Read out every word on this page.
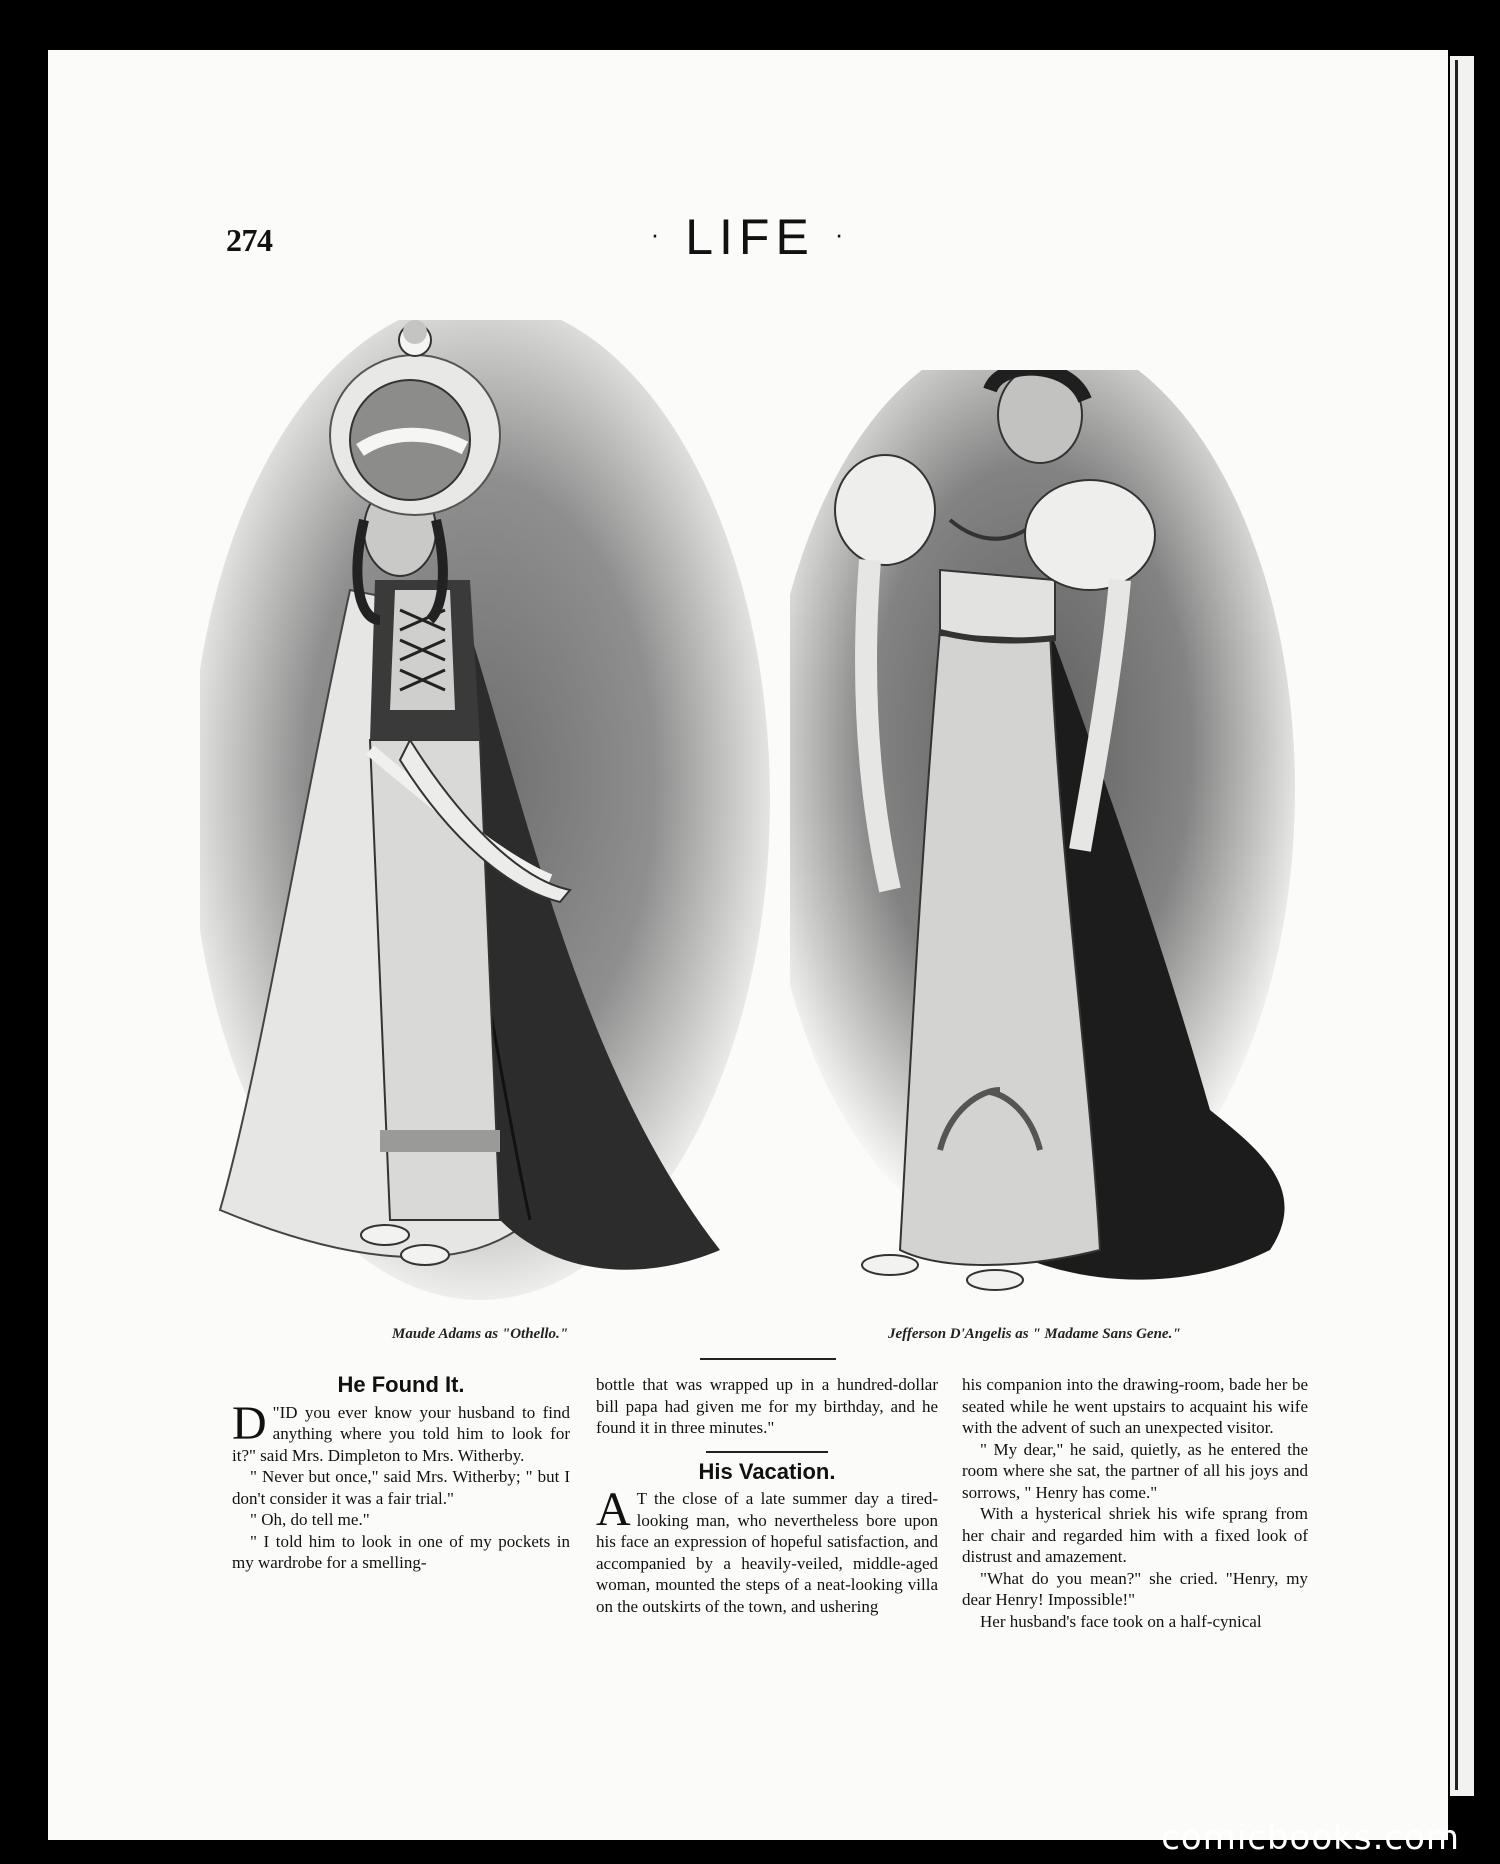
274	· LIFE ·
Maude Adams as "Othello."	Jefferson D'Angelis as " Madame Sans Gene."
He Found It.

D "ID you ever know your husband to find anything where you told him to look for it?" said Mrs. Dimpleton to Mrs. Witherby.

" Never but once," said Mrs. Witherby; " but I don't consider it was a fair trial."

" Oh, do tell me."

" I told him to look in one of my pockets in my wardrobe for a smelling-

bottle that was wrapped up in a hundred-dollar bill papa had given me for my birthday, and he found it in three minutes."

His Vacation.

A T the close of a late summer day a tired-looking man, who nevertheless bore upon his face an expression of hopeful satisfaction, and accompanied by a heavily-veiled, middle-aged woman, mounted the steps of a neat-looking villa on the outskirts of the town, and ushering

his companion into the drawing-room, bade her be seated while he went upstairs to acquaint his wife with the advent of such an unexpected visitor.

" My dear," he said, quietly, as he entered the room where she sat, the partner of all his joys and sorrows, " Henry has come."

With a hysterical shriek his wife sprang from her chair and regarded him with a fixed look of distrust and amazement.

"What do you mean?" she cried. "Henry, my dear Henry! Impossible!"

Her husband's face took on a half-cynical

comicbooks.com
